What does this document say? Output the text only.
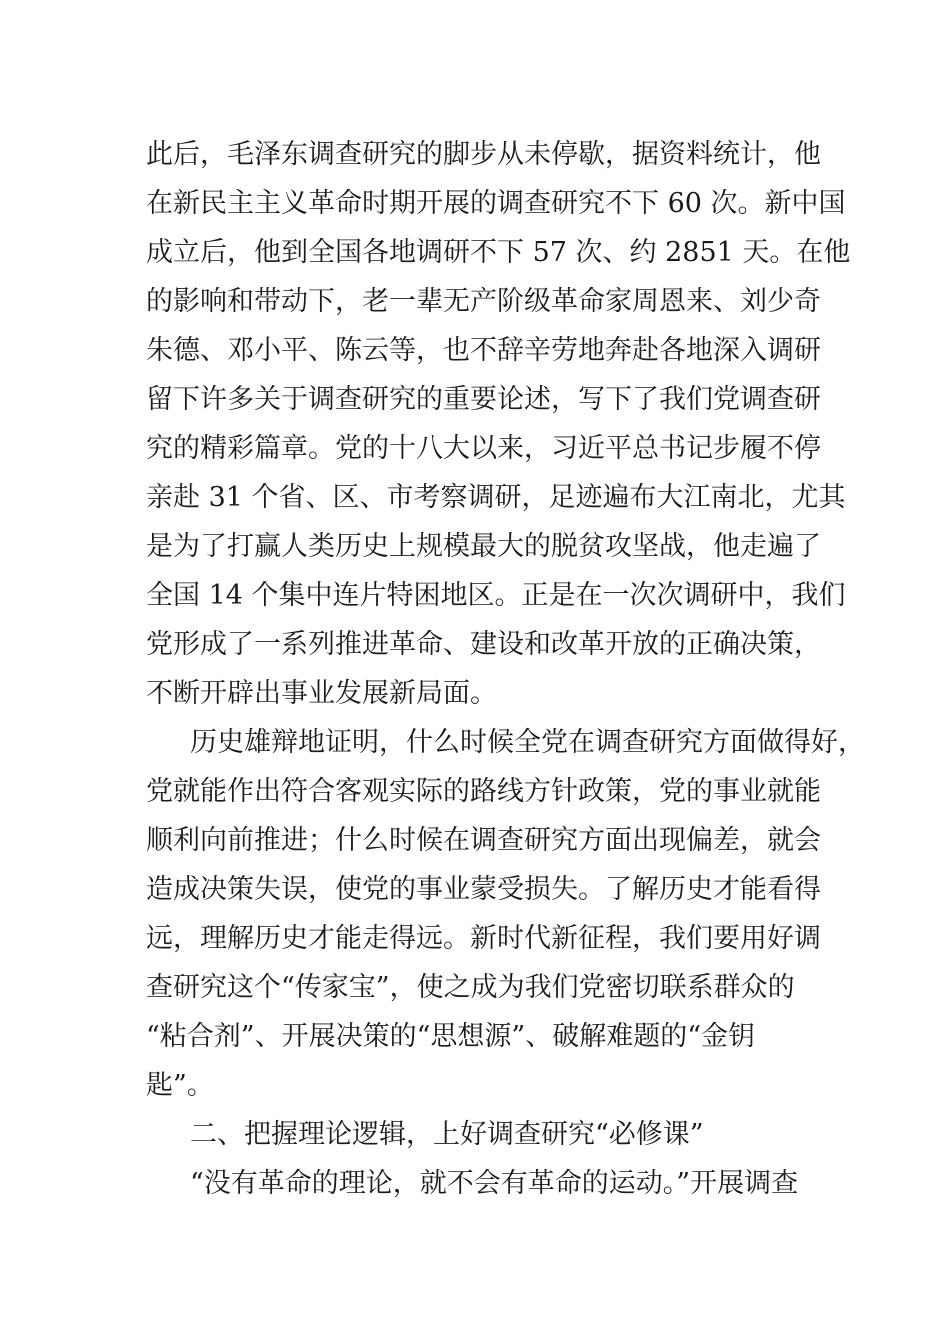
此后，毛泽东调查研究的脚步从未停歇，据资料统计，他
在新民主主义革命时期开展的调查研究不下 60 次。新中国
成立后，他到全国各地调研不下 57 次、约 2851 天。在他
的影响和带动下，老一辈无产阶级革命家周恩来、刘少奇
朱德、邓小平、陈云等，也不辞辛劳地奔赴各地深入调研
留下许多关于调查研究的重要论述，写下了我们党调查研
究的精彩篇章。党的十八大以来，习近平总书记步履不停
亲赴 31 个省、区、市考察调研，足迹遍布大江南北，尤其
是为了打赢人类历史上规模最大的脱贫攻坚战，他走遍了
全国 14 个集中连片特困地区。正是在一次次调研中，我们
党形成了一系列推进革命、建设和改革开放的正确决策，
不断开辟出事业发展新局面。
历史雄辩地证明，什么时候全党在调查研究方面做得好，
党就能作出符合客观实际的路线方针政策，党的事业就能
顺利向前推进；什么时候在调查研究方面出现偏差，就会
造成决策失误，使党的事业蒙受损失。了解历史才能看得
远，理解历史才能走得远。新时代新征程，我们要用好调
查研究这个“传家宝”，使之成为我们党密切联系群众的
“粘合剂”、开展决策的“思想源”、破解难题的“金钥
匙”。
二、把握理论逻辑，上好调查研究“必修课”
“没有革命的理论，就不会有革命的运动。”开展调查
